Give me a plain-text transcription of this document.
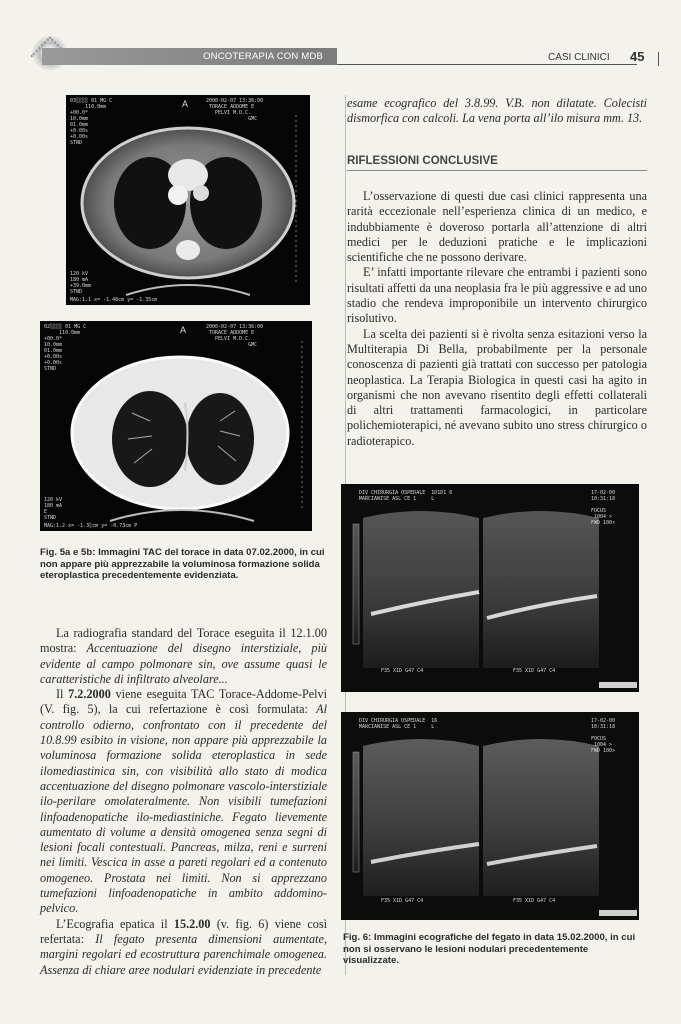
ONCOTERAPIA CON MDB	CASI CLINICI 45
03░░░░ 01 MG C
110.0mm
+00.0*
10.0mm
01.0mm
+0.00s
+0.00s
STND
A	2000-02-07 13:36:00
TORACE ADDOME E
PELVI M.D.C.
GMC
120 kV
180 mA
+39.0mm
STND
MAG:1.1 x= -1.48cm y= -1.35cm
02░░░░ 01 MG C
110.0mm
+00.0*
10.0mm
01.0mm
+0.00s
+0.00s
STND
A	2000-02-07 13:36:00
TORACE ADDOME E
PELVI M.D.C.
GMC
120 kV
180 mA
E
STND
MAG:1.2 x= -1.3░cm y= -0.73cm P
Fig. 5a e 5b: Immagini TAC del torace in data 07.02.2000, in cui non appare più apprezzabile la voluminosa formazione solida eteroplastica precedentemente evidenziata.

La radiografia standard del Torace eseguita il 12.1.00 mostra: Accentuazione del disegno interstiziale, più evidente al campo polmonare sin, ove assume quasi le caratteristiche di infiltrato alveolare...

Il 7.2.2000 viene eseguita TAC Torace-Addome-Pelvi (V. fig. 5), la cui refertazione è così formulata: Al controllo odierno, confrontato con il precedente del 10.8.99 esibito in visione, non appare più apprezzabile la voluminosa formazione solida eteroplastica in sede ilomediastinica sin, con visibilità allo stato di modica accentuazione del disegno polmonare vascolo-interstiziale ilo-perilare omolateralmente. Non visibili tumefazioni linfoadenopatiche ilo-mediastiniche. Fegato lievemente aumentato di volume a densità omogenea senza segni di lesioni focali contestuali. Pancreas, milza, reni e surreni nei limiti. Vescica in asse a pareti regolari ed a contenuto omogeneo. Prostata nei limiti. Non si apprezzano tumefazioni linfoadenopatiche in ambito addomino-pelvico.

L’Ecografia epatica il 15.2.00 (v. fig. 6) viene così refertata: Il fegato presenta dimensioni aumentate, margini regolari ed ecostruttura parenchimale omogenea. Assenza di chiare aree nodulari evidenziate in precedente

esame ecografico del 3.8.99. V.B. non dilatate. Colecisti dismorfica con calcoli. La vena porta all’ilo misura mm. 13.

RIFLESSIONI CONCLUSIVE

L’osservazione di questi due casi clinici rappresenta una rarità eccezionale nell’esperienza clinica di un medico, e indubbiamente è doveroso portarla all’attenzione di altri medici per le deduzioni pratiche e le implicazioni scientifiche che ne possono derivare.

E’ infatti importante rilevare che entrambi i pazienti sono risultati affetti da una neoplasia fra le più aggressive e ad uno stadio che rendeva improponibile un intervento chirurgico risolutivo.

La scelta dei pazienti si è rivolta senza esitazioni verso la Multiterapia Di Bella, probabilmente per la personale conoscenza di pazienti già trattati con successo per patologia neoplastica. La Terapia Biologica in questi casi ha agito in organismi che non avevano risentito degli effetti collaterali di altri trattamenti farmacologici, in particolare polichemioterapici, né avevano subito uno stress chirurgico o radioterapico.

DIV CHIRURGIA OSPEDALE  1D1D1 6
MARCIANISE ASL CE 1     L
17-02-00
10:31:18

FOCUS
1004 >
FWD 100>
F35 X1D G47 C4	F35 X1D G47 C4
DIV CHIRURGIA OSPEDALE  16
MARCIANISE ASL CE 1     L
17-02-00
10:31:18

FOCUS
1004 >
FWD 100>
F35 X1D G47 C4	F35 X1D G47 C4
Fig. 6: Immagini ecografiche del fegato in data 15.02.2000, in cui non si osservano le lesioni nodulari precedentemente visualizzate.
